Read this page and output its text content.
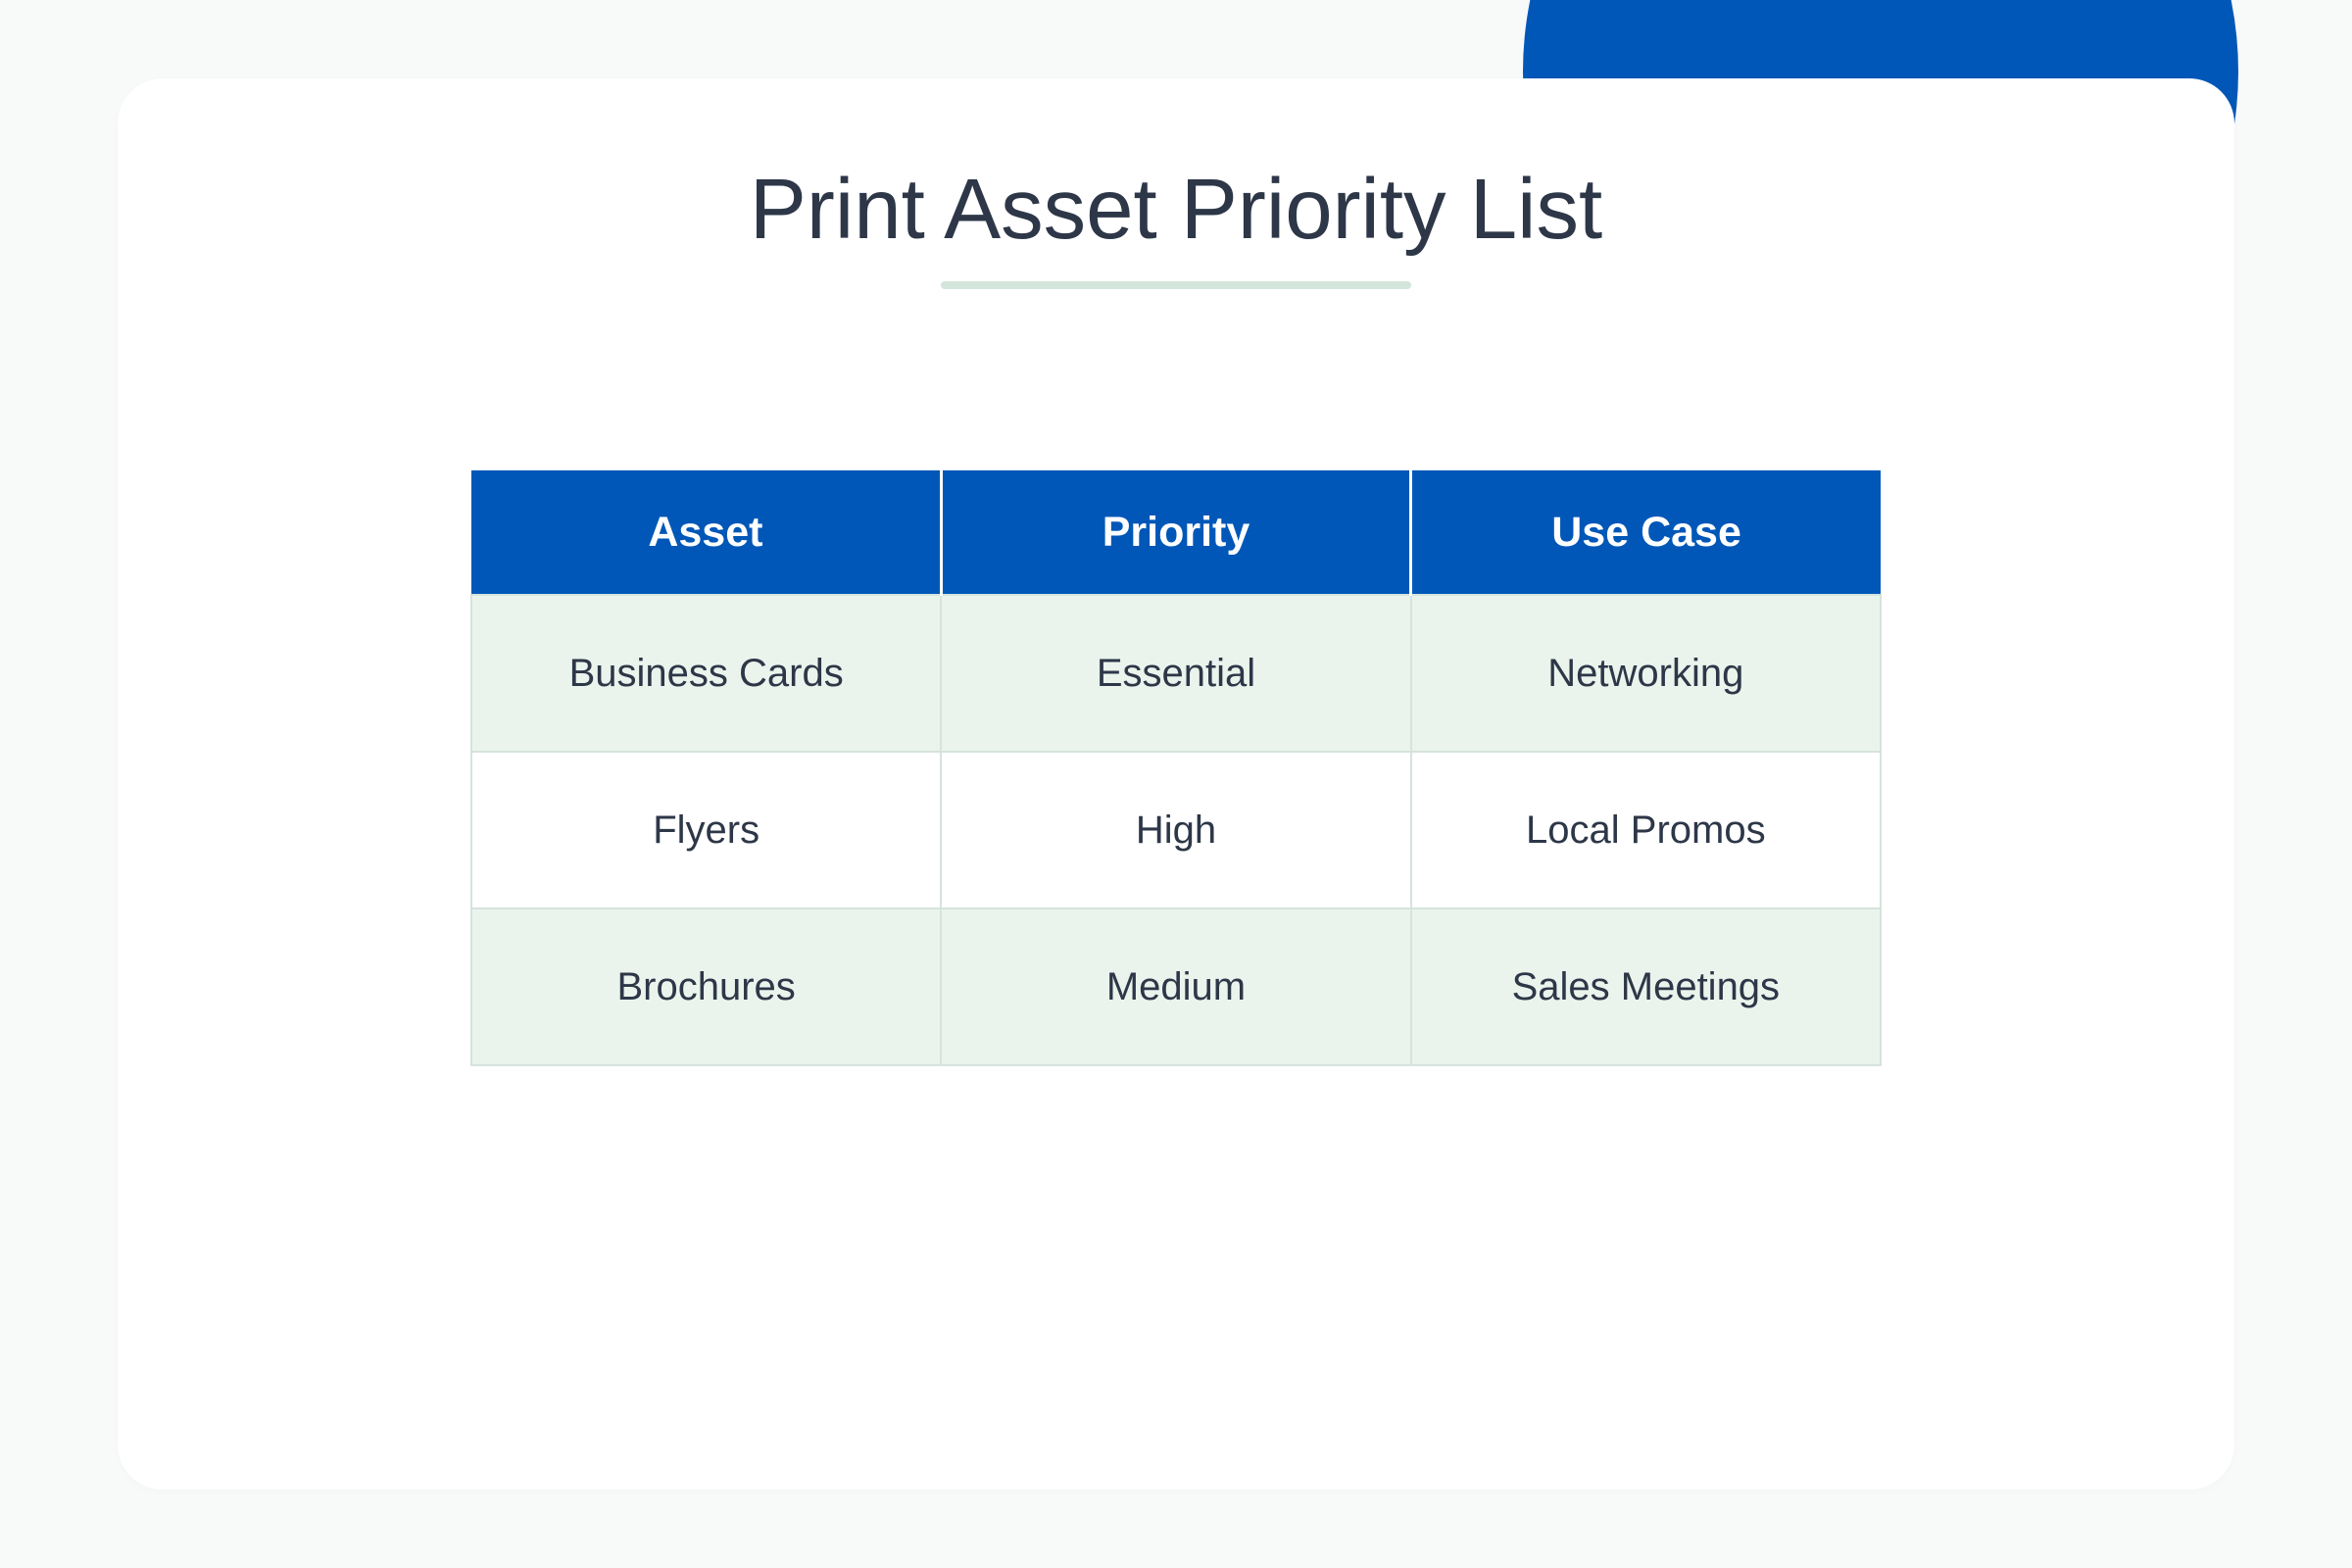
Print Asset Priority List
Asset	Priority	Use Case
Business Cards	Essential	Networking
Flyers	High	Local Promos
Brochures	Medium	Sales Meetings
